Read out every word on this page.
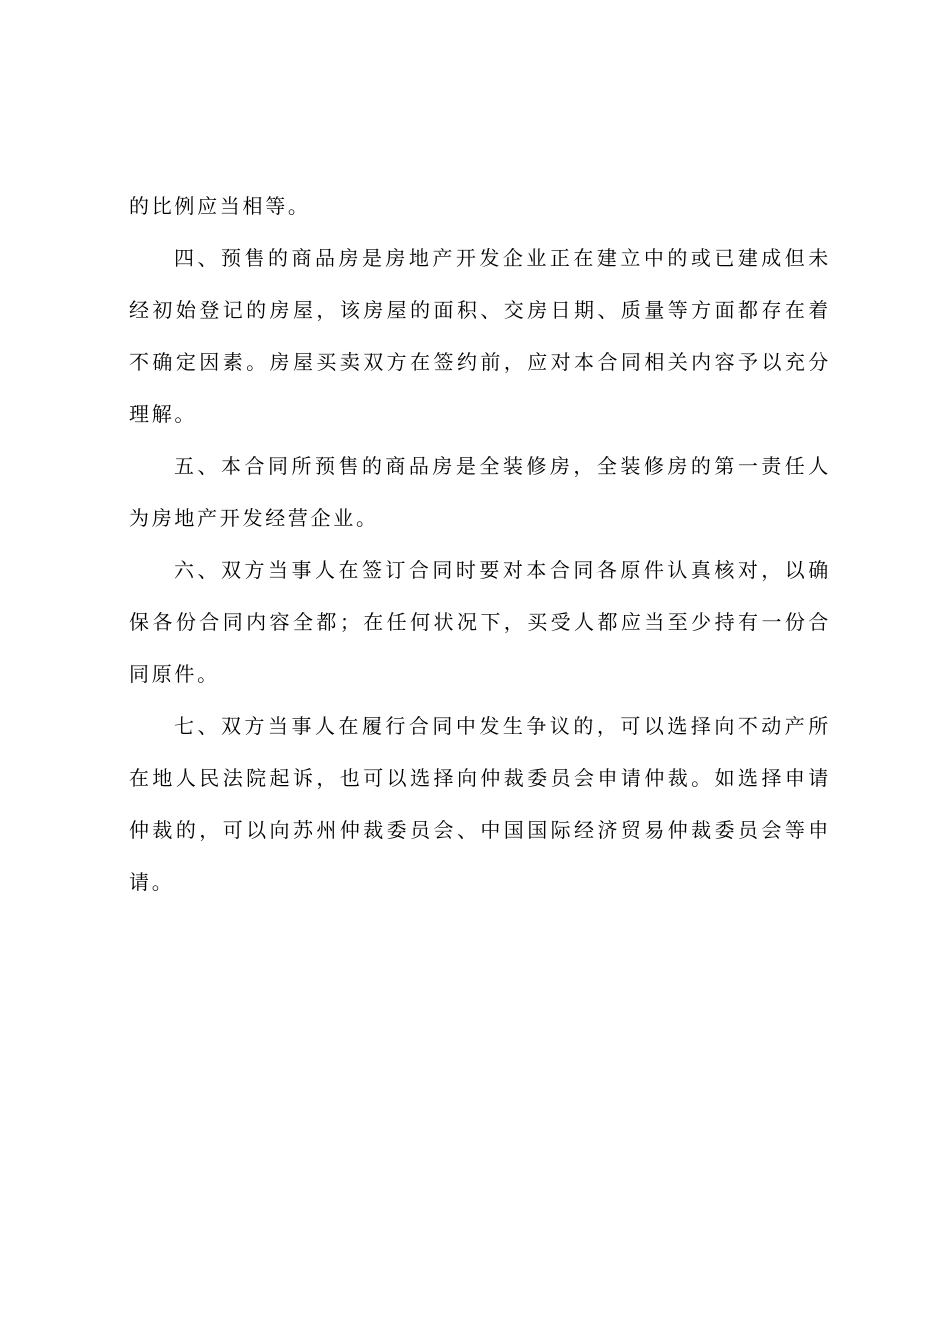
的比例应当相等。

四、预售的商品房是房地产开发企业正在建立中的或已建成但未经初始登记的房屋，该房屋的面积、交房日期、质量等方面都存在着不确定因素。房屋买卖双方在签约前，应对本合同相关内容予以充分理解。

五、本合同所预售的商品房是全装修房，全装修房的第一责任人为房地产开发经营企业。

六、双方当事人在签订合同时要对本合同各原件认真核对，以确保各份合同内容全都；在任何状况下，买受人都应当至少持有一份合同原件。

七、双方当事人在履行合同中发生争议的，可以选择向不动产所在地人民法院起诉，也可以选择向仲裁委员会申请仲裁。如选择申请仲裁的，可以向苏州仲裁委员会、中国国际经济贸易仲裁委员会等申请。
